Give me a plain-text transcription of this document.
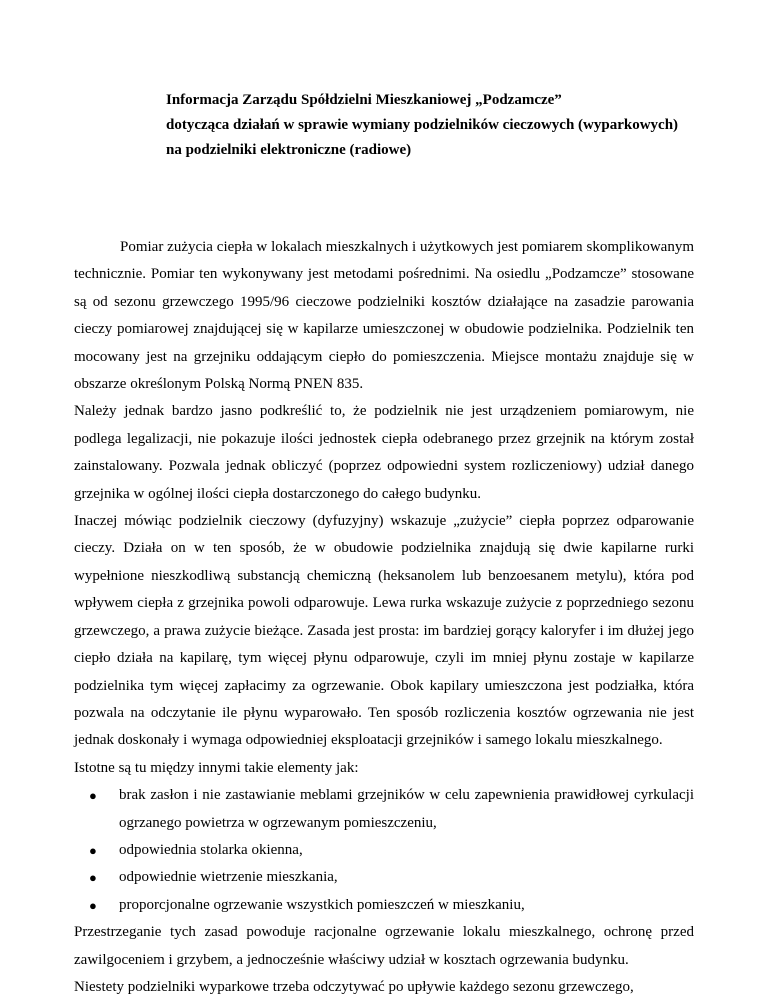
Informacja Zarządu Spółdzielni Mieszkaniowej „Podzamcze”
dotycząca działań w sprawie wymiany podzielników cieczowych (wyparkowych)
na podzielniki elektroniczne (radiowe)

Pomiar zużycia ciepła w lokalach mieszkalnych i użytkowych jest pomiarem skomplikowanym technicznie. Pomiar ten wykonywany jest metodami pośrednimi. Na osiedlu „Podzamcze” stosowane są od sezonu grzewczego 1995/96 cieczowe podzielniki kosztów działające na zasadzie parowania cieczy pomiarowej znajdującej się w kapilarze umieszczonej w obudowie podzielnika. Podzielnik ten mocowany jest na grzejniku oddającym ciepło do pomieszczenia. Miejsce montażu znajduje się w obszarze określonym Polską Normą PNEN 835.

Należy jednak bardzo jasno podkreślić to, że podzielnik nie jest urządzeniem pomiarowym, nie podlega legalizacji, nie pokazuje ilości jednostek ciepła odebranego przez grzejnik na którym został zainstalowany. Pozwala jednak obliczyć (poprzez odpowiedni system rozliczeniowy) udział danego grzejnika w ogólnej ilości ciepła dostarczonego do całego budynku.

Inaczej mówiąc podzielnik cieczowy (dyfuzyjny) wskazuje „zużycie” ciepła poprzez odparowanie cieczy. Działa on w ten sposób, że w obudowie podzielnika znajdują się dwie kapilarne rurki wypełnione nieszkodliwą substancją chemiczną (heksanolem lub benzoesanem metylu), która pod wpływem ciepła z grzejnika powoli odparowuje. Lewa rurka wskazuje zużycie z poprzedniego sezonu grzewczego, a prawa zużycie bieżące. Zasada jest prosta: im bardziej gorący kaloryfer i im dłużej jego ciepło działa na kapilarę, tym więcej płynu odparowuje, czyli im mniej płynu zostaje w kapilarze podzielnika tym więcej zapłacimy za ogrzewanie. Obok kapilary umieszczona jest podziałka, która pozwala na odczytanie ile płynu wyparowało. Ten sposób rozliczenia kosztów ogrzewania nie jest jednak doskonały i wymaga odpowiedniej eksploatacji grzejników i samego lokalu mieszkalnego.

Istotne są tu między innymi takie elementy jak:

● brak zasłon i nie zastawianie meblami grzejników w celu zapewnienia prawidłowej cyrkulacji ogrzanego powietrza w ogrzewanym pomieszczeniu,
● odpowiednia stolarka okienna,
● odpowiednie wietrzenie mieszkania,
● proporcjonalne ogrzewanie wszystkich pomieszczeń w mieszkaniu,

Przestrzeganie tych zasad powoduje racjonalne ogrzewanie lokalu mieszkalnego, ochronę przed zawilgoceniem i grzybem, a jednocześnie właściwy udział w kosztach ogrzewania budynku.

Niestety podzielniki wyparkowe trzeba odczytywać po upływie każdego sezonu grzewczego,
